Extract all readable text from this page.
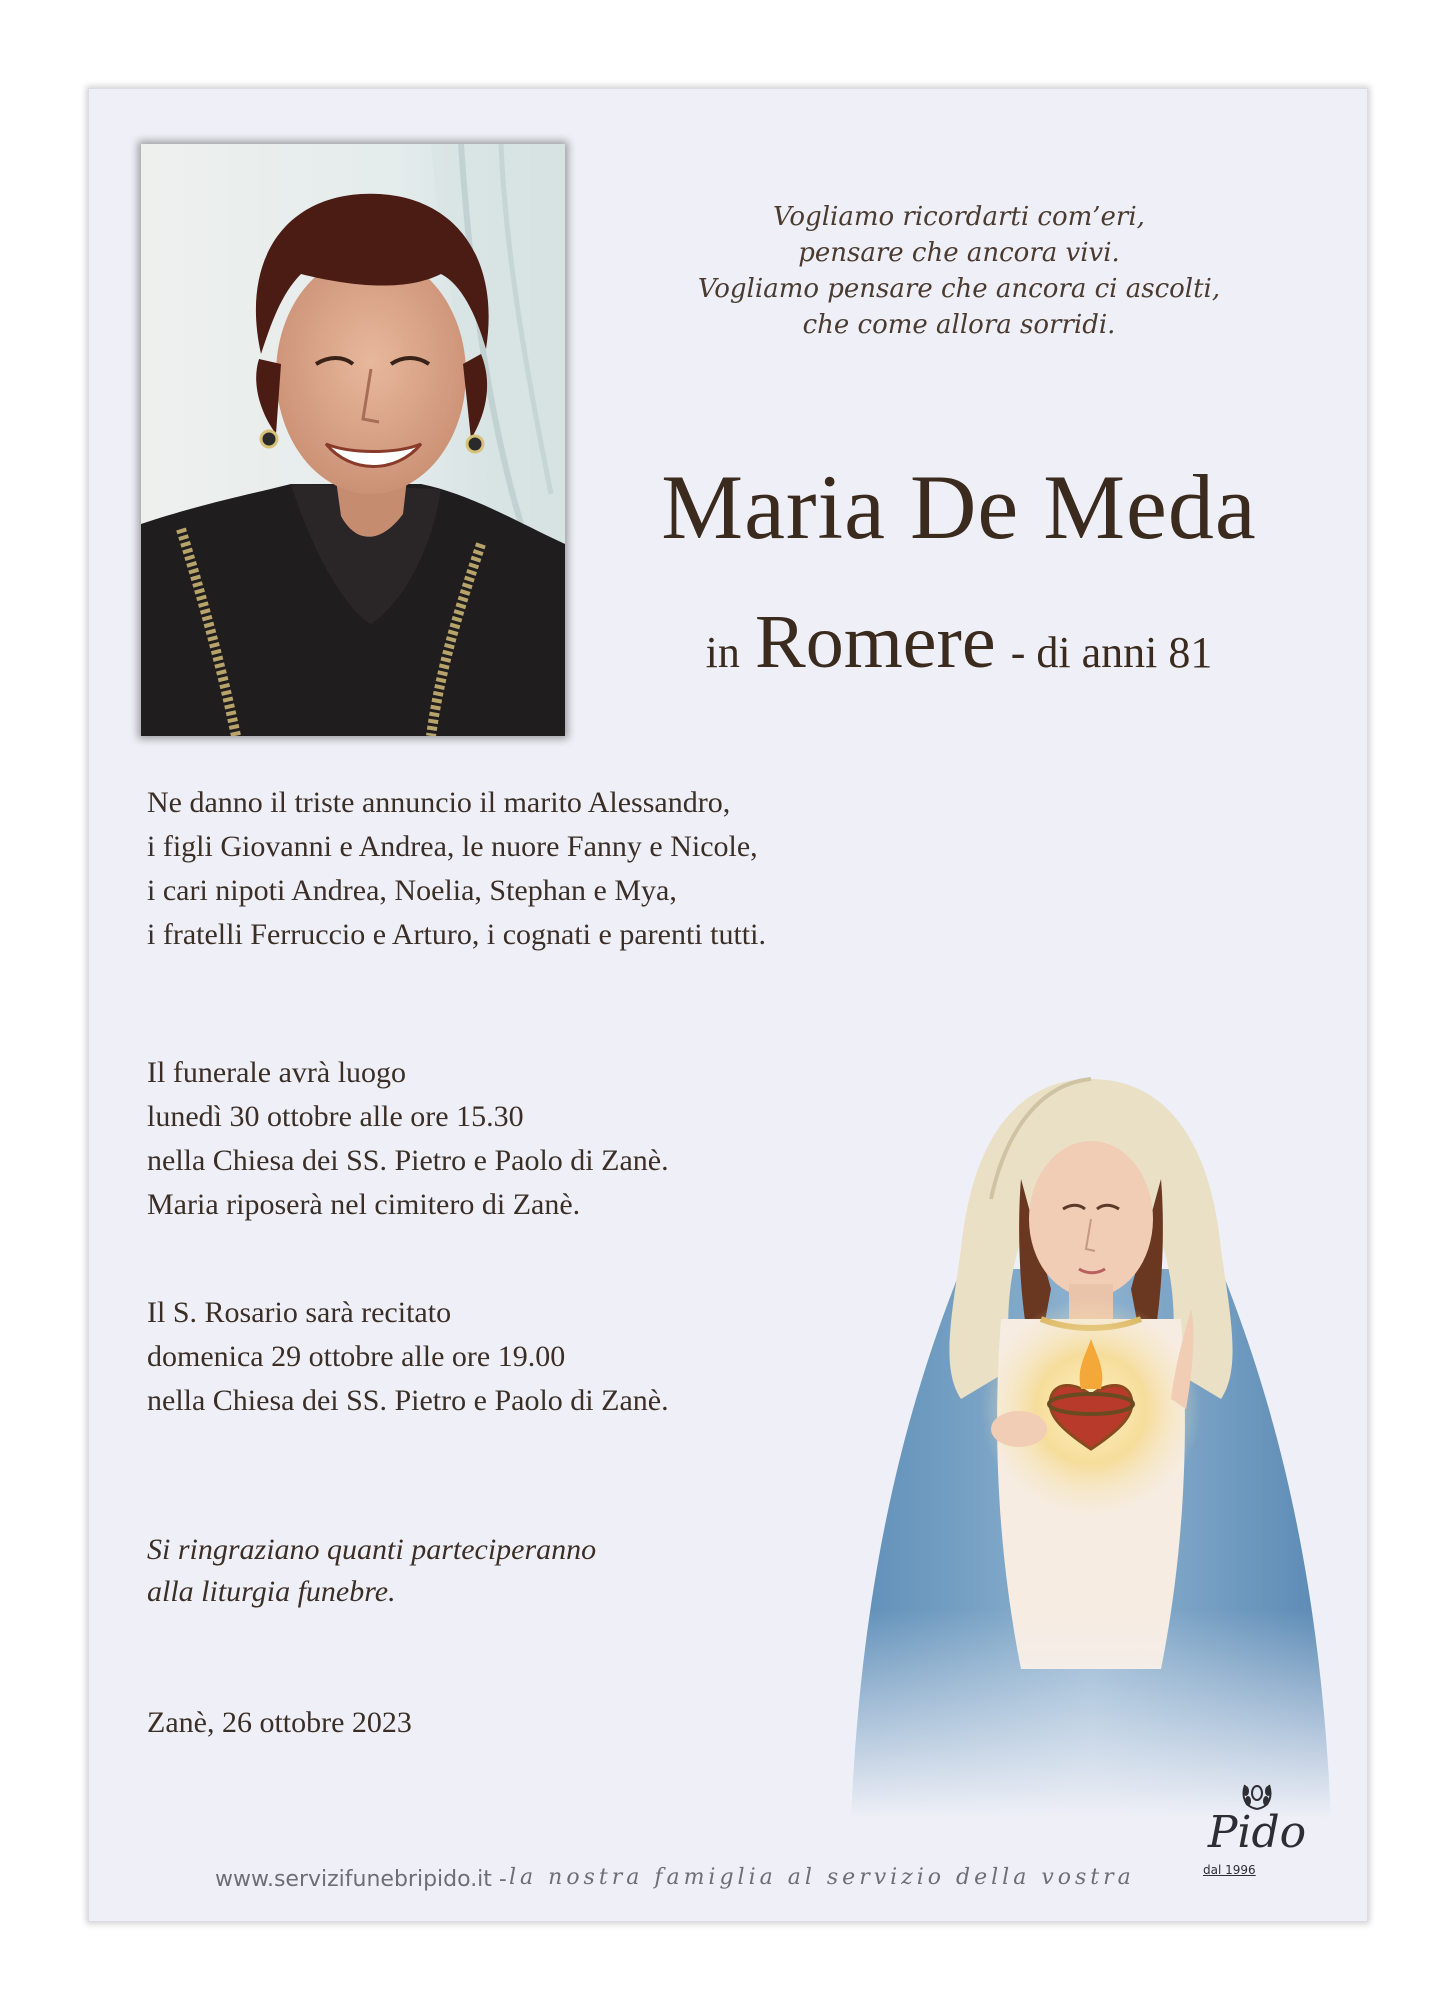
Vogliamo ricordarti com’eri,
pensare che ancora vivi.
Vogliamo pensare che ancora ci ascolti,
che come allora sorridi.
Maria De Meda
in Romere - di anni 81
Ne danno il triste annuncio il marito Alessandro,
i figli Giovanni e Andrea, le nuore Fanny e Nicole,
i cari nipoti Andrea, Noelia, Stephan e Mya,
i fratelli Ferruccio e Arturo, i cognati e parenti tutti.
Il funerale avrà luogo
lunedì 30 ottobre alle ore 15.30
nella Chiesa dei SS. Pietro e Paolo di Zanè.
Maria riposerà nel cimitero di Zanè.
Il S. Rosario sarà recitato
domenica 29 ottobre alle ore 19.00
nella Chiesa dei SS. Pietro e Paolo di Zanè.
Si ringraziano quanti parteciperanno
alla liturgia funebre.
Zanè, 26 ottobre 2023
www.servizifunebripido.it - la nostra famiglia al servizio della vostra
Pido
dal 1996
